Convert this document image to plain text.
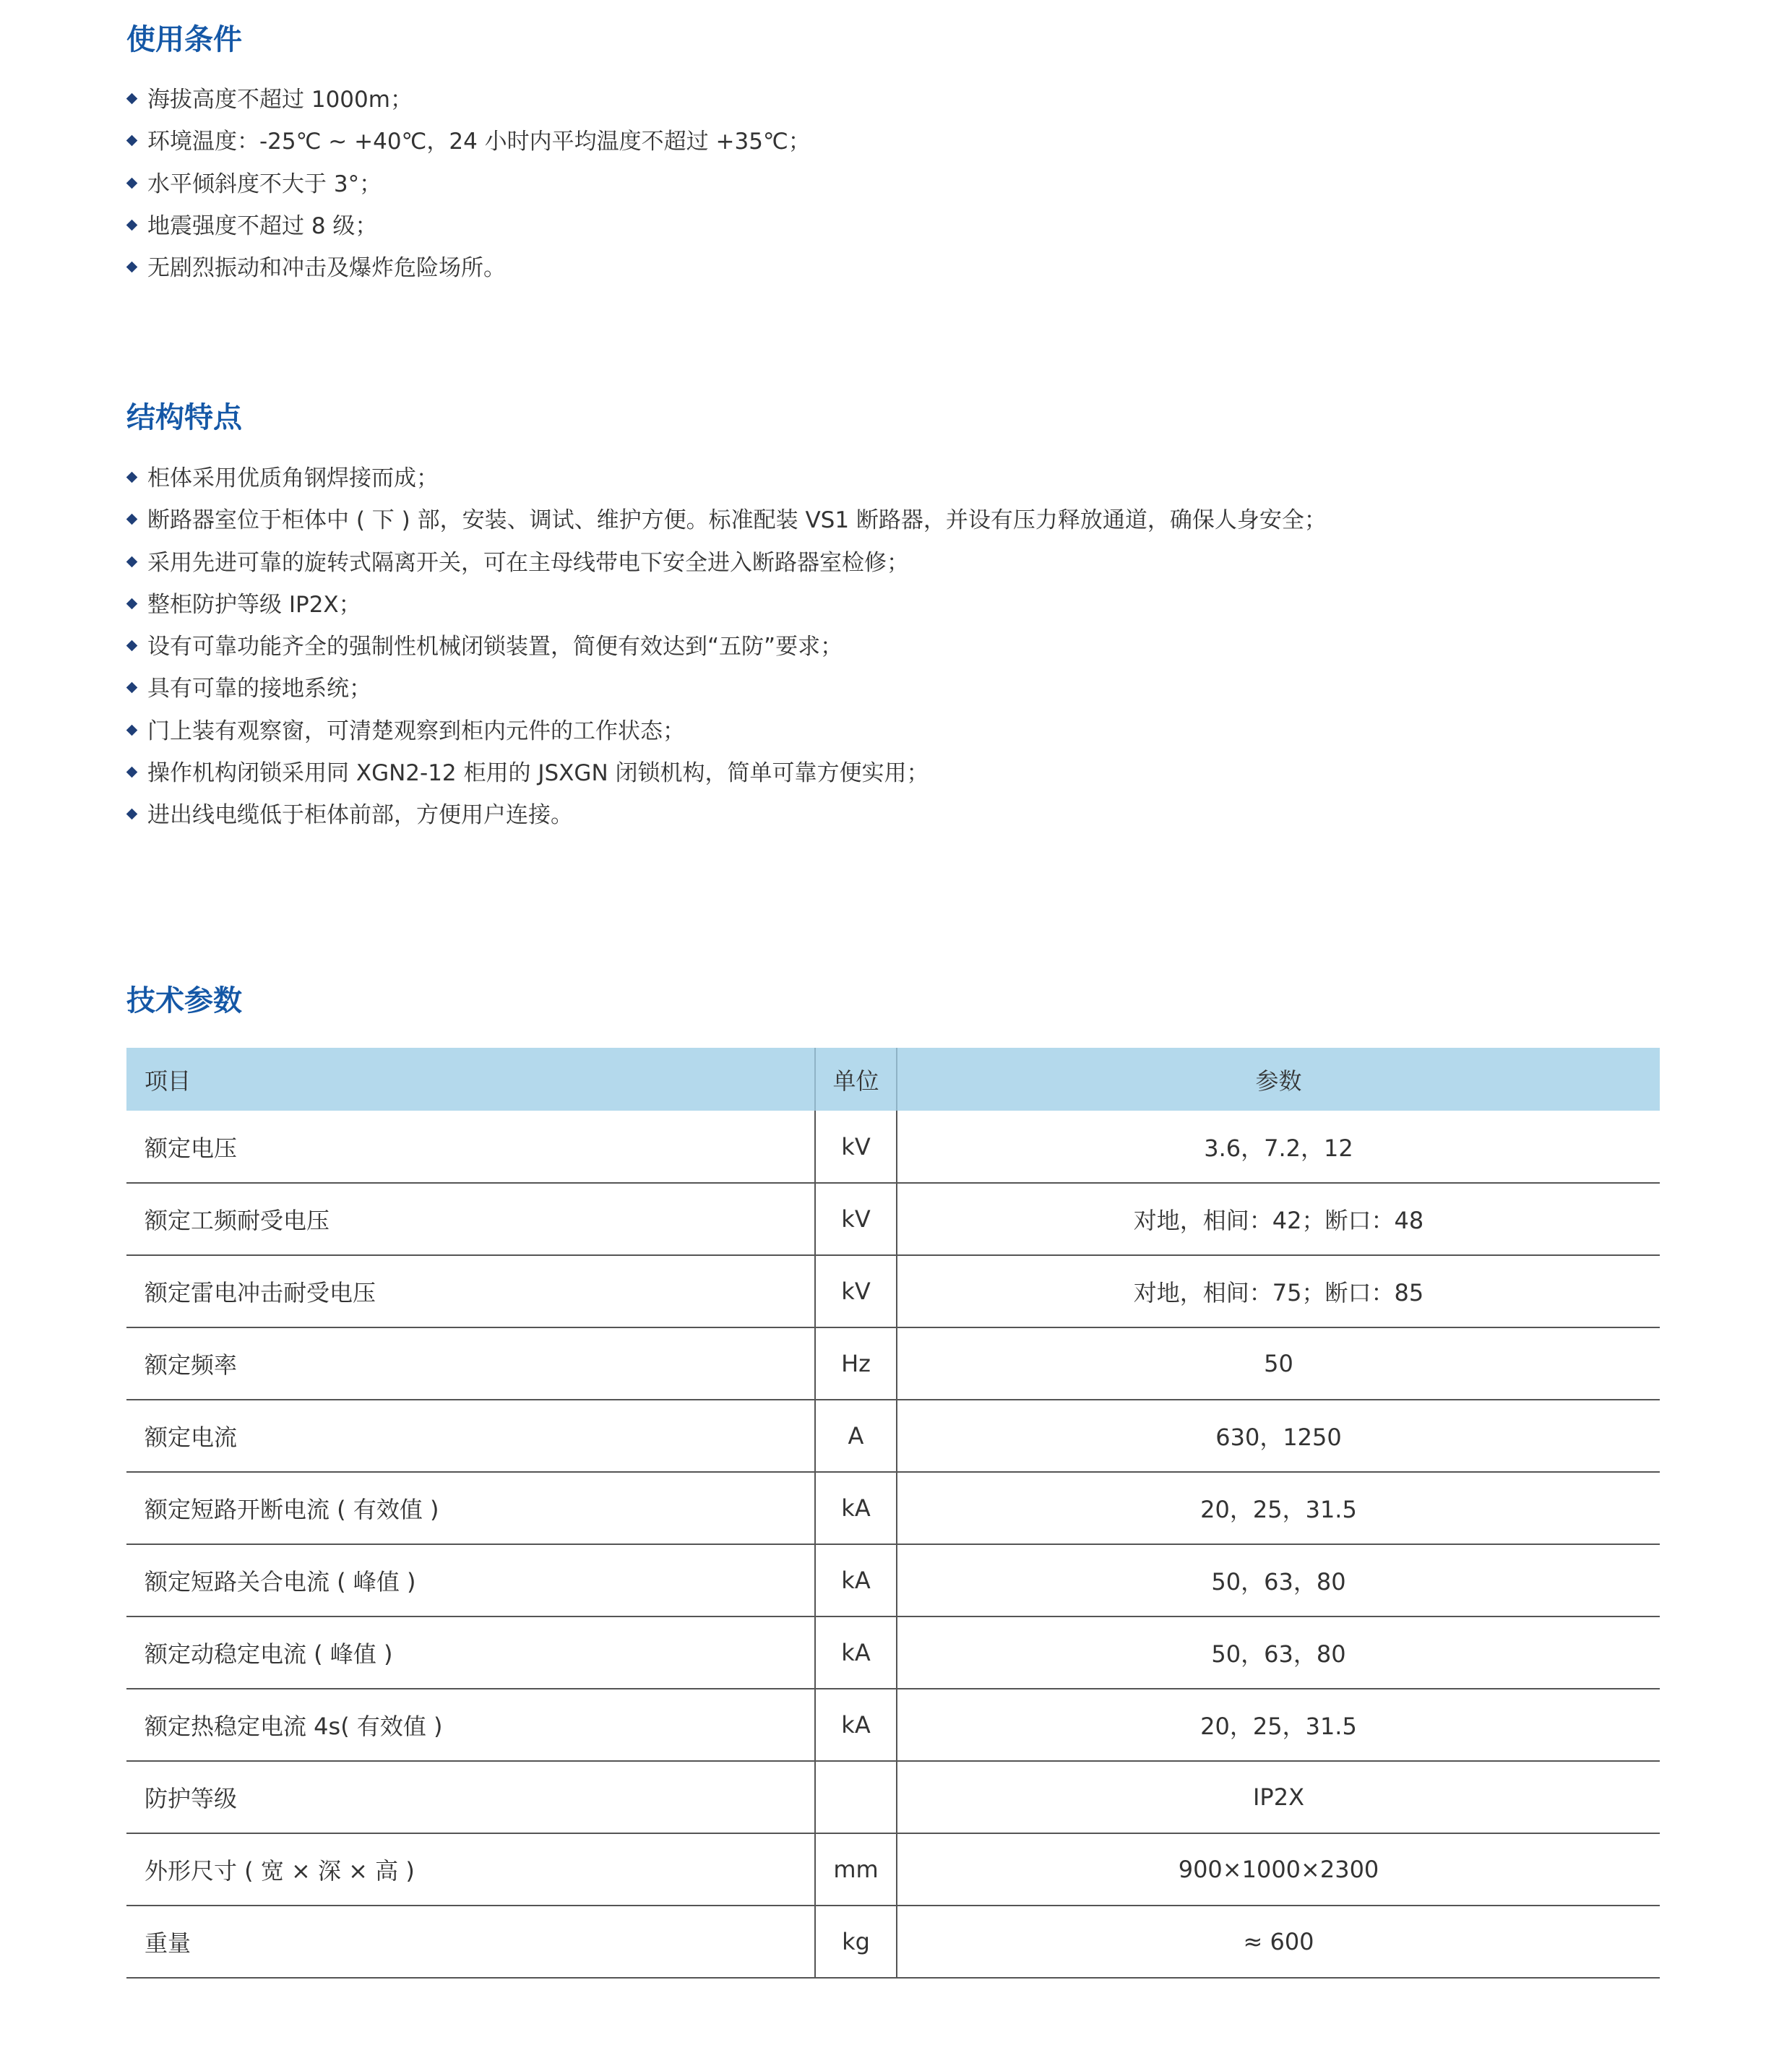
使用条件
海拔高度不超过 1000m；
环境温度：-25℃ ~ +40℃，24 小时内平均温度不超过 +35℃；
水平倾斜度不大于 3°；
地震强度不超过 8 级；
无剧烈振动和冲击及爆炸危险场所。
结构特点
柜体采用优质角钢焊接而成；
断路器室位于柜体中 ( 下 ) 部，安装、调试、维护方便。标准配装 VS1 断路器，并设有压力释放通道，确保人身安全；
采用先进可靠的旋转式隔离开关，可在主母线带电下安全进入断路器室检修；
整柜防护等级 IP2X；
设有可靠功能齐全的强制性机械闭锁装置，简便有效达到“五防”要求；
具有可靠的接地系统；
门上装有观察窗，可清楚观察到柜内元件的工作状态；
操作机构闭锁采用同 XGN2-12 柜用的 JSXGN 闭锁机构，简单可靠方便实用；
进出线电缆低于柜体前部，方便用户连接。
技术参数
项目	单位	参数
额定电压	kV	3.6，7.2，12
额定工频耐受电压	kV	对地，相间：42；断口：48
额定雷电冲击耐受电压	kV	对地，相间：75；断口：85
额定频率	Hz	50
额定电流	A	630，1250
额定短路开断电流 ( 有效值 )	kA	20，25，31.5
额定短路关合电流 ( 峰值 )	kA	50，63，80
额定动稳定电流 ( 峰值 )	kA	50，63，80
额定热稳定电流 4s( 有效值 )	kA	20，25，31.5
防护等级		IP2X
外形尺寸 ( 宽 × 深 × 高 )	mm	900×1000×2300
重量	kg	≈ 600
